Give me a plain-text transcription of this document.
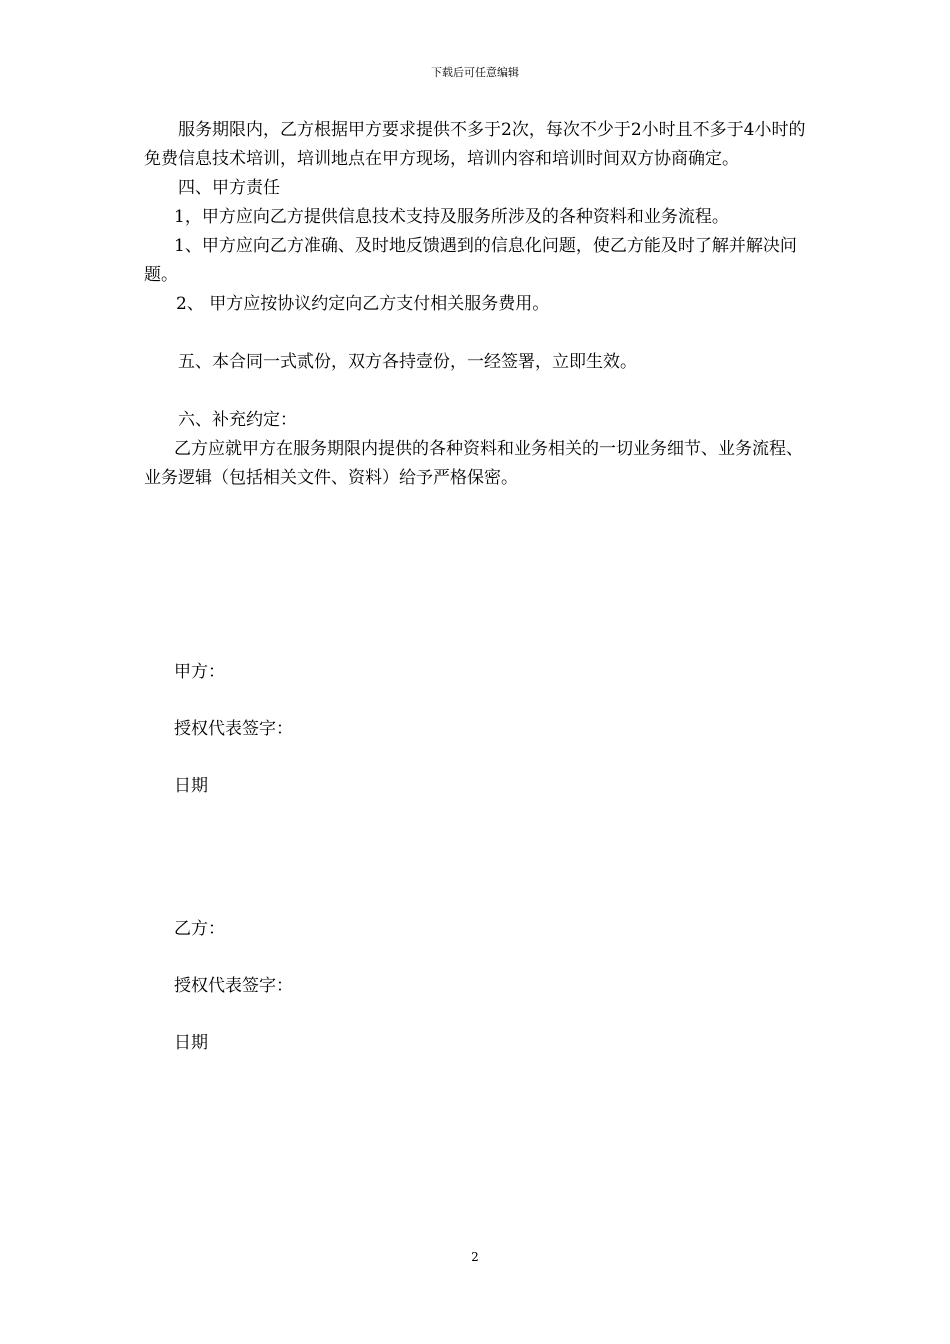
下载后可任意编辑

服务期限内，乙方根据甲方要求提供不多于2次，每次不少于2小时且不多于4小时的免费信息技术培训，培训地点在甲方现场，培训内容和培训时间双方协商确定。

四、甲方责任

1，甲方应向乙方提供信息技术支持及服务所涉及的各种资料和业务流程。

1、甲方应向乙方准确、及时地反馈遇到的信息化问题，使乙方能及时了解并解决问题。

2、 甲方应按协议约定向乙方支付相关服务费用。

五、本合同一式贰份，双方各持壹份，一经签署，立即生效。

六、补充约定：

乙方应就甲方在服务期限内提供的各种资料和业务相关的一切业务细节、业务流程、业务逻辑（包括相关文件、资料）给予严格保密。

甲方：
授权代表签字：
日期
乙方：
授权代表签字：
日期
2
